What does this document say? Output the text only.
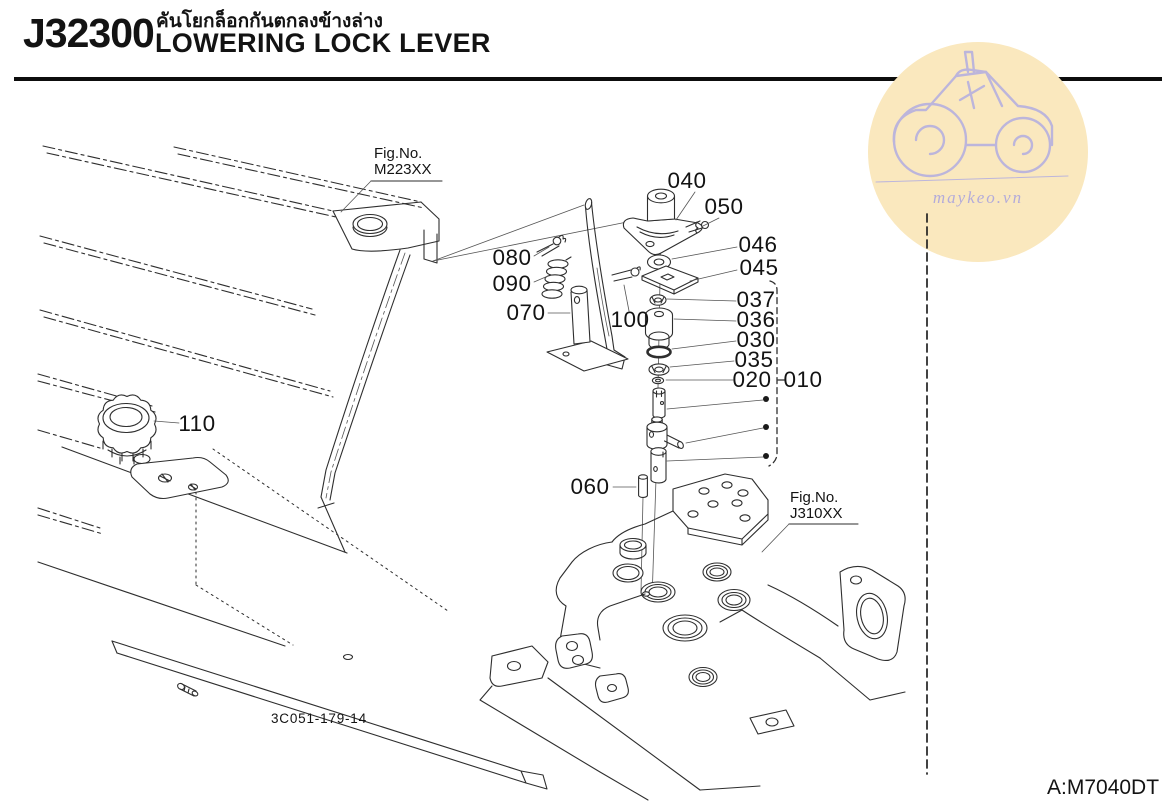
J32300 คันโยกล็อกกันตกลงข้างล่าง
LOWERING LOCK LEVER
maykeo.vn
040
050
046
045
037
036
030
035
020 010
080
090
070	100
060
110
Fig.No.
M223XX
Fig.No.
J310XX
3C051-179-14
A:M7040DT
